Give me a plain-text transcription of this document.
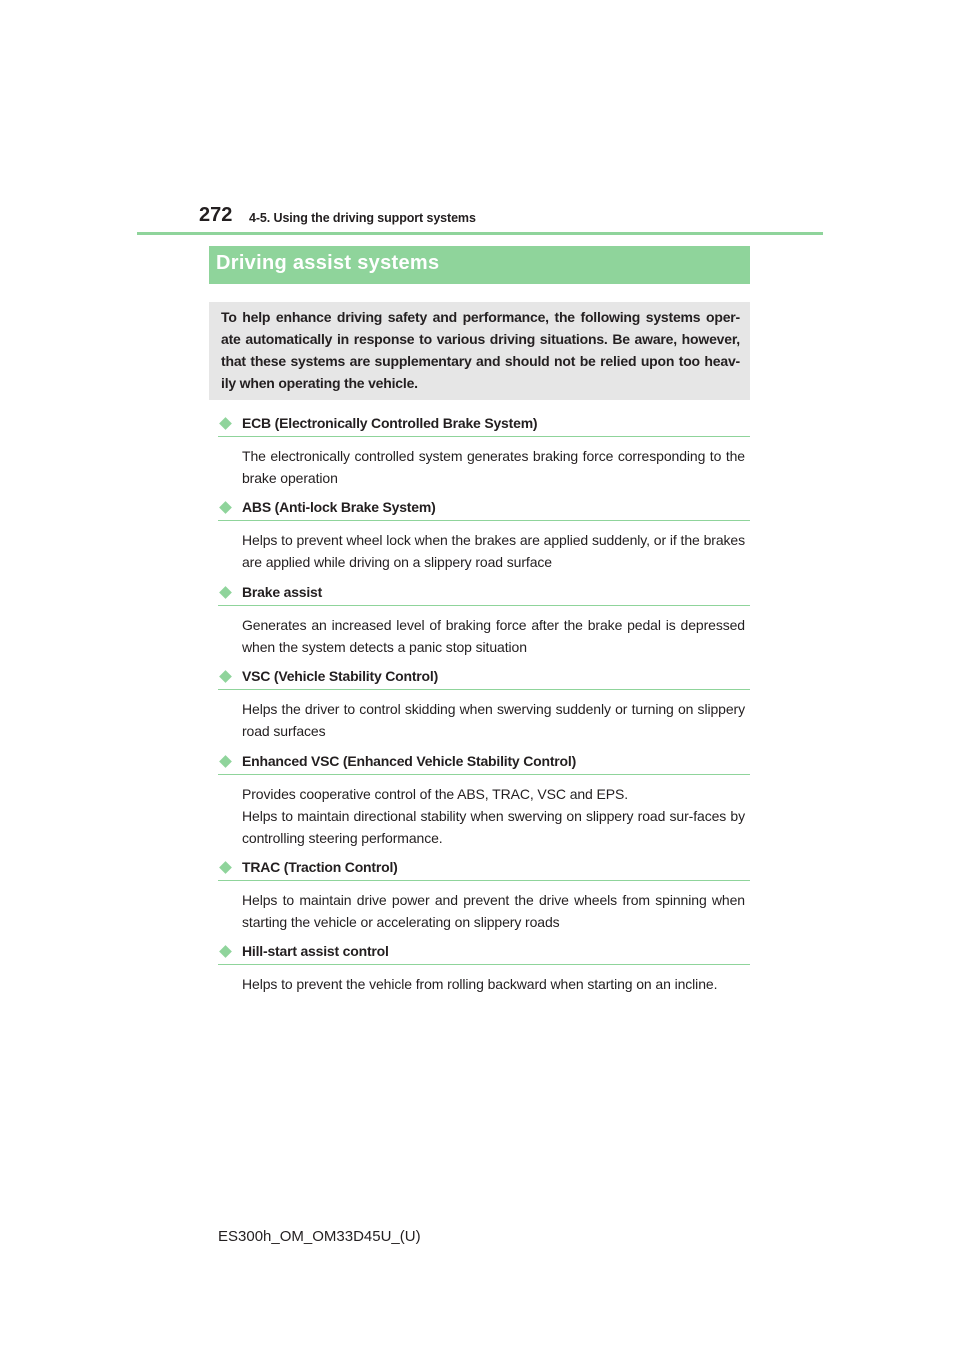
272 4-5. Using the driving support systems
Driving assist systems

To help enhance driving safety and performance, the following systems oper-ate automatically in response to various driving situations. Be aware, however, that these systems are supplementary and should not be relied upon too heav-ily when operating the vehicle.

ECB (Electronically Controlled Brake System)

The electronically controlled system generates braking force corresponding to the brake operation

ABS (Anti-lock Brake System)

Helps to prevent wheel lock when the brakes are applied suddenly, or if the brakes are applied while driving on a slippery road surface

Brake assist

Generates an increased level of braking force after the brake pedal is depressed when the system detects a panic stop situation

VSC (Vehicle Stability Control)

Helps the driver to control skidding when swerving suddenly or turning on slippery road surfaces

Enhanced VSC (Enhanced Vehicle Stability Control)

Provides cooperative control of the ABS, TRAC, VSC and EPS.

Helps to maintain directional stability when swerving on slippery road sur-faces by controlling steering performance.

TRAC (Traction Control)

Helps to maintain drive power and prevent the drive wheels from spinning when starting the vehicle or accelerating on slippery roads

Hill-start assist control

Helps to prevent the vehicle from rolling backward when starting on an incline.

ES300h_OM_OM33D45U_(U)
